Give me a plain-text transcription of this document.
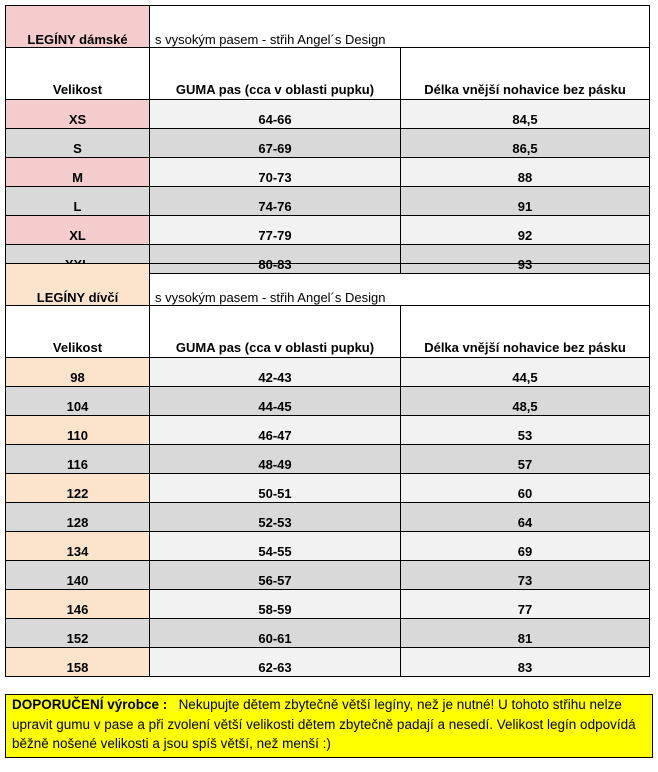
LEGÍNY dámské	s vysokým pasem - střih Angel´s Design	
Velikost	GUMA pas (cca v oblasti pupku)	Délka vnější nohavice bez pásku
XS	64-66	84,5
S	67-69	86,5
M	70-73	88
L	74-76	91
XL	77-79	92
	80-83	93
LEGÍNY dívčí	s vysokým pasem - střih Angel´s Design	
Velikost	GUMA pas (cca v oblasti pupku)	Délka vnější nohavice bez pásku
98	42-43	44,5
104	44-45	48,5
110	46-47	53
116	48-49	57
122	50-51	60
128	52-53	64
134	54-55	69
140	56-57	73
146	58-59	77
152	60-61	81
158	62-63	83
DOPORUČENÍ výrobce : Nekupujte dětem zbytečně větší legíny, než je nutné! U tohoto střihu nelze upravit gumu v pase a při zvolení větší velikosti dětem zbytečně padají a nesedí. Velikost legín odpovídá běžně nošené velikosti a jsou spíš větší, než menší :)
